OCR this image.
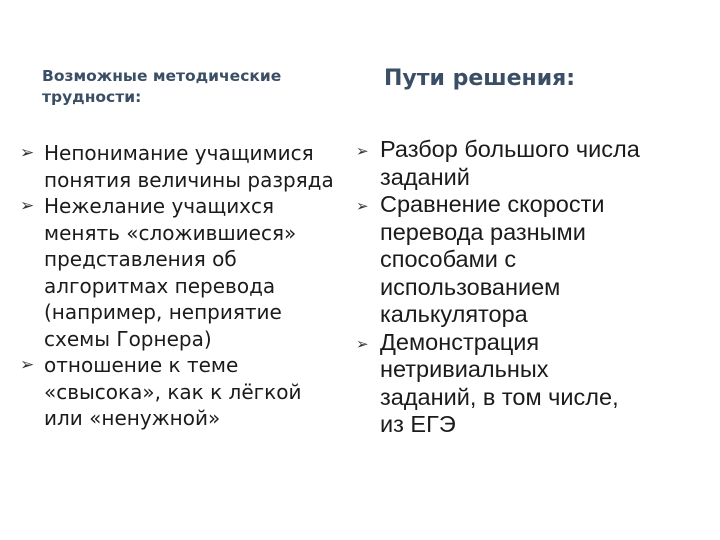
Возможные методические
трудности:
Пути решения:
➢ Непонимание учащимися
понятия величины разряда
➢ Нежелание учащихся
менять «сложившиеся»
представления об
алгоритмах перевода
(например, неприятие
схемы Горнера)
➢ отношение к теме
«свысока», как к лёгкой
или «ненужной»
➢ Разбор большого числа
заданий
➢ Сравнение скорости
перевода разными
способами с
использованием
калькулятора
➢ Демонстрация
нетривиальных
заданий, в том числе,
из ЕГЭ
